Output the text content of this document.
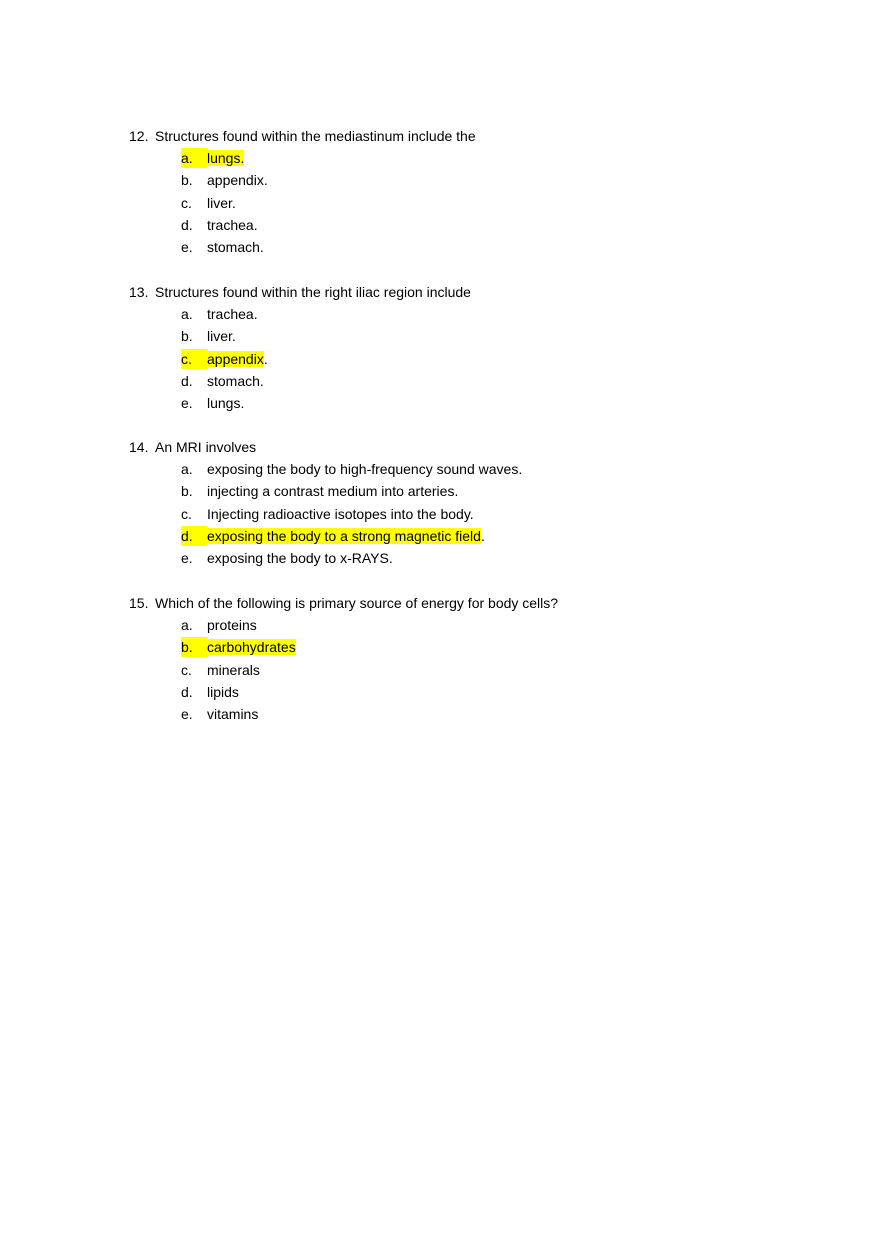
12. Structures found within the mediastinum include the
a. lungs.
b. appendix.
c. liver.
d. trachea.
e. stomach.
13. Structures found within the right iliac region include
a. trachea.
b. liver.
c. appendix.
d. stomach.
e. lungs.
14. An MRI involves
a. exposing the body to high-frequency sound waves.
b. injecting a contrast medium into arteries.
c. Injecting radioactive isotopes into the body.
d. exposing the body to a strong magnetic field.
e. exposing the body to x-RAYS.
15. Which of the following is primary source of energy for body cells?
a. proteins
b. carbohydrates
c. minerals
d. lipids
e. vitamins
